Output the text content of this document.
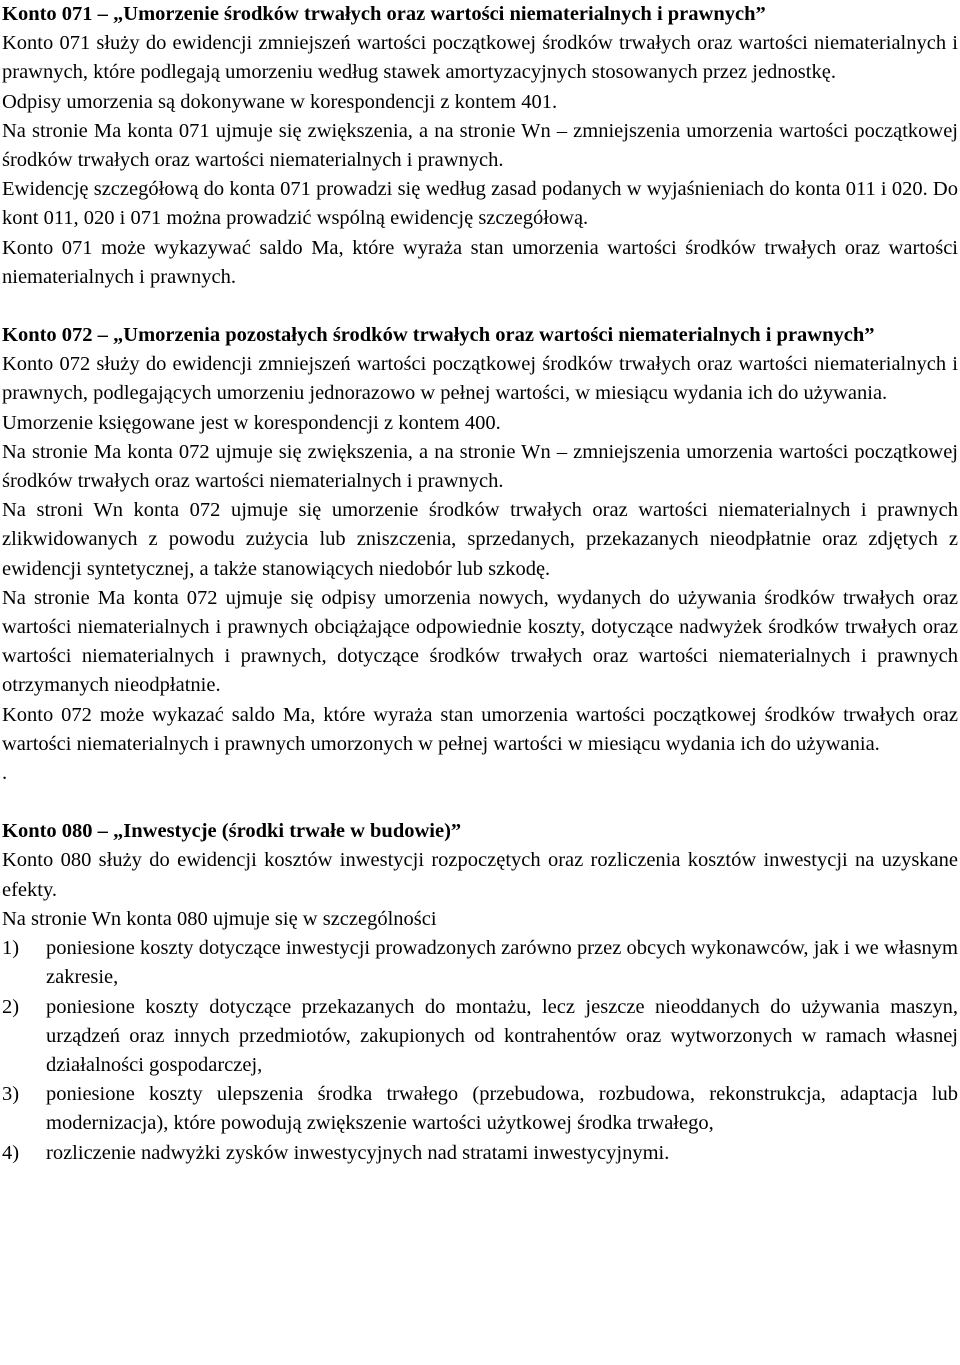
Konto 071 – „Umorzenie środków trwałych oraz wartości niematerialnych i prawnych”

Konto 071 służy do ewidencji zmniejszeń wartości początkowej środków trwałych oraz wartości niematerialnych i prawnych, które podlegają umorzeniu według stawek amortyzacyjnych stosowanych przez jednostkę.

Odpisy umorzenia są dokonywane w korespondencji z kontem 401.

Na stronie Ma konta 071 ujmuje się zwiększenia, a na stronie Wn – zmniejszenia umorzenia wartości początkowej środków trwałych oraz wartości niematerialnych i prawnych.

Ewidencję szczegółową do konta 071 prowadzi się według zasad podanych w wyjaśnieniach do konta 011 i 020. Do kont 011, 020 i 071 można prowadzić wspólną ewidencję szczegółową.

Konto 071 może wykazywać saldo Ma, które wyraża stan umorzenia wartości środków trwałych oraz wartości niematerialnych i prawnych.

Konto 072 – „Umorzenia pozostałych środków trwałych oraz wartości niematerialnych i prawnych”

Konto 072 służy do ewidencji zmniejszeń wartości początkowej środków trwałych oraz wartości niematerialnych i prawnych, podlegających umorzeniu jednorazowo w pełnej wartości, w miesiącu wydania ich do używania.

Umorzenie księgowane jest w korespondencji z kontem 400.

Na stronie Ma konta 072 ujmuje się zwiększenia, a na stronie Wn – zmniejszenia umorzenia wartości początkowej środków trwałych oraz wartości niematerialnych i prawnych.

Na stroni Wn konta 072 ujmuje się umorzenie środków trwałych oraz wartości niematerialnych i prawnych zlikwidowanych z powodu zużycia lub zniszczenia, sprzedanych, przekazanych nieodpłatnie oraz zdjętych z ewidencji syntetycznej, a także stanowiących niedobór lub szkodę.

Na stronie Ma konta 072 ujmuje się odpisy umorzenia nowych, wydanych do używania środków trwałych oraz wartości niematerialnych i prawnych obciążające odpowiednie koszty, dotyczące nadwyżek środków trwałych oraz wartości niematerialnych i prawnych, dotyczące środków trwałych oraz wartości niematerialnych i prawnych otrzymanych nieodpłatnie.

Konto 072 może wykazać saldo Ma, które wyraża stan umorzenia wartości początkowej środków trwałych oraz wartości niematerialnych i prawnych umorzonych w pełnej wartości w miesiącu wydania ich do używania.

.

Konto 080 – „Inwestycje (środki trwałe w budowie)”

Konto 080 służy do ewidencji kosztów inwestycji rozpoczętych oraz rozliczenia kosztów inwestycji na uzyskane efekty.

Na stronie Wn konta 080 ujmuje się w szczególności

1)	poniesione koszty dotyczące inwestycji prowadzonych zarówno przez obcych wykonawców, jak i we własnym zakresie,
2)	poniesione koszty dotyczące przekazanych do montażu, lecz jeszcze nieoddanych do używania maszyn, urządzeń oraz innych przedmiotów, zakupionych od kontrahentów oraz wytworzonych w ramach własnej działalności gospodarczej,
3)	poniesione koszty ulepszenia środka trwałego (przebudowa, rozbudowa, rekonstrukcja, adaptacja lub modernizacja), które powodują zwiększenie wartości użytkowej środka trwałego,
4)	rozliczenie nadwyżki zysków inwestycyjnych nad stratami inwestycyjnymi.
